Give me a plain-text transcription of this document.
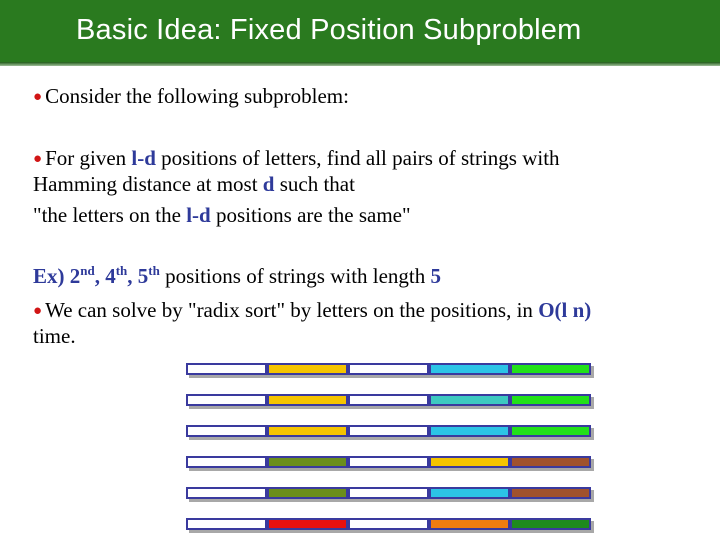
Basic Idea: Fixed Position Subproblem
● Consider the following subproblem:
● For given l-d positions of letters, find all pairs of strings with
Hamming distance at most d such that
"the letters on the l-d positions are the same"
Ex) 2nd, 4th, 5th positions of strings with length 5
● We can solve by "radix sort" by letters on the positions, in O(l n)
time.
